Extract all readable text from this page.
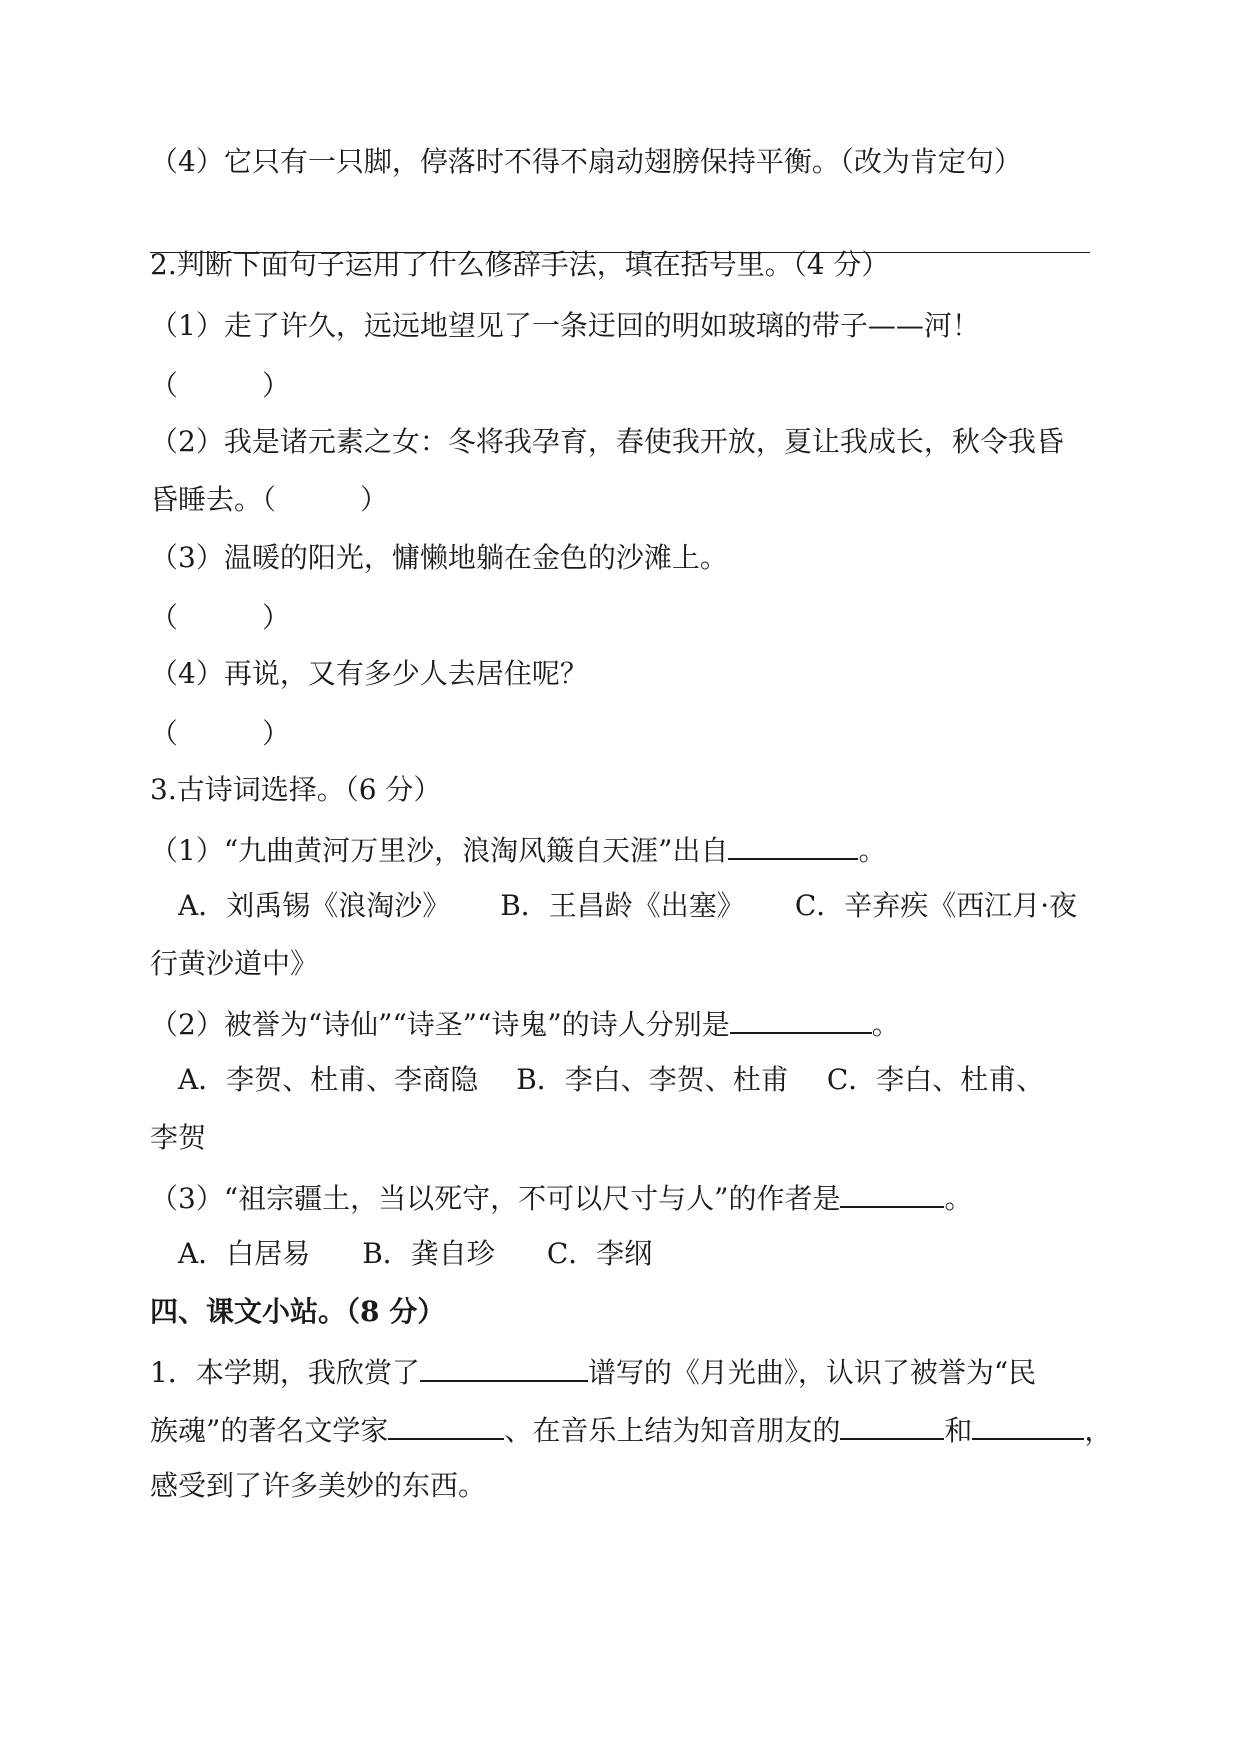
（4）它只有一只脚，停落时不得不扇动翅膀保持平衡。（改为肯定句）

2.判断下面句子运用了什么修辞手法，填在括号里。（4 分）

（1）走了许久，远远地望见了一条迂回的明如玻璃的带子——河！

（　　　）

（2）我是诸元素之女：冬将我孕育，春使我开放，夏让我成长，秋令我昏

昏睡去。（　　　）

（3）温暖的阳光，慵懒地躺在金色的沙滩上。

（　　　）

（4）再说，又有多少人去居住呢？

（　　　）

3.古诗词选择。（6 分）

（1）“九曲黄河万里沙，浪淘风簸自天涯”出自	。

A．刘禹锡《浪淘沙》 B．王昌龄《出塞》 C．辛弃疾《西江月·夜

行黄沙道中》

（2）被誉为“诗仙”“诗圣”“诗鬼”的诗人分别是	。

A．李贺、杜甫、李商隐 B．李白、李贺、杜甫 C．李白、杜甫、

李贺

（3）“祖宗疆土，当以死守，不可以尺寸与人”的作者是	。

A．白居易 B．龚自珍 C．李纲

四、课文小站。（8 分）

1．本学期，我欣赏了	谱写的《月光曲》，认识了被誉为“民

族魂”的著名文学家	、在音乐上结为知音朋友的	和	，

感受到了许多美妙的东西。
